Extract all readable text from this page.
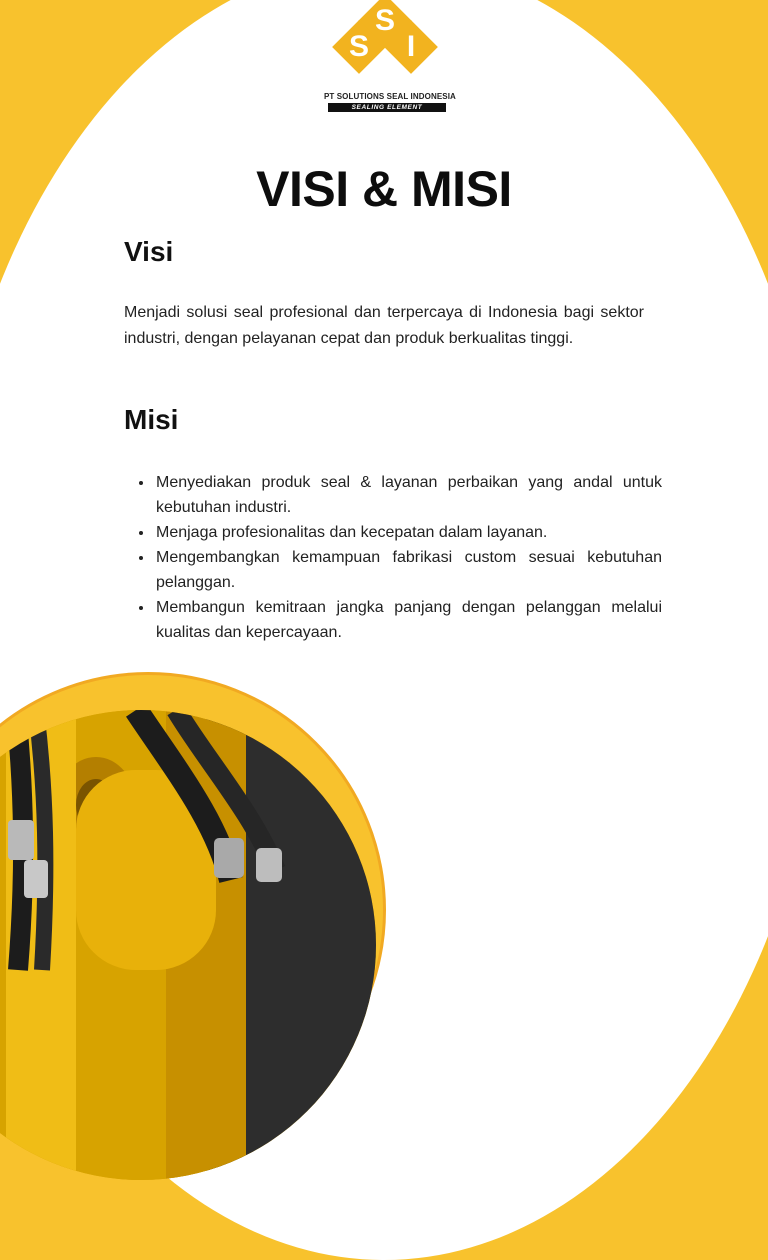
S
S	I
PT SOLUTIONS SEAL INDONESIA
SEALING ELEMENT
VISI & MISI
Visi

Menjadi solusi seal profesional dan terpercaya di Indonesia bagi sektor industri, dengan pelayanan cepat dan produk berkualitas tinggi.

Misi
• Menyediakan produk seal & layanan perbaikan yang andal untuk kebutuhan industri.
• Menjaga profesionalitas dan kecepatan dalam layanan.
• Mengembangkan kemampuan fabrikasi custom sesuai kebutuhan pelanggan.
• Membangun kemitraan jangka panjang dengan pelanggan melalui kualitas dan kepercayaan.
